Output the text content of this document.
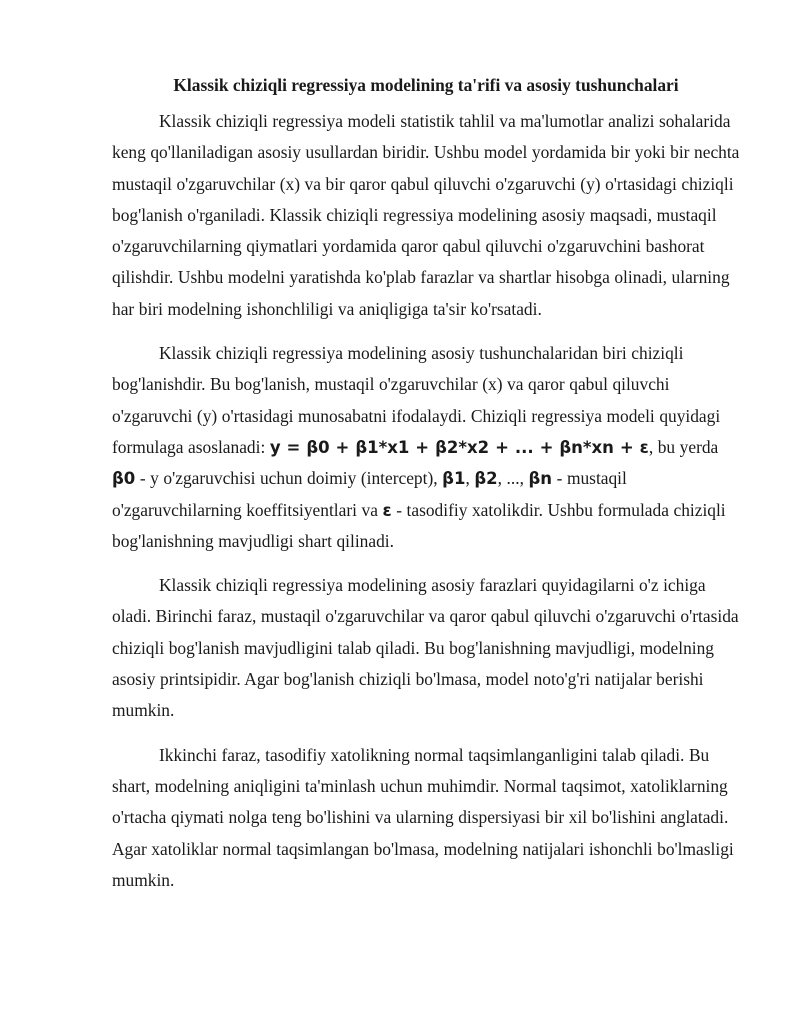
Klassik chiziqli regressiya modelining ta'rifi va asosiy tushunchalari

Klassik chiziqli regressiya modeli statistik tahlil va ma'lumotlar analizi sohalarida keng qo'llaniladigan asosiy usullardan biridir. Ushbu model yordamida bir yoki bir nechta mustaqil o'zgaruvchilar (x) va bir qaror qabul qiluvchi o'zgaruvchi (y) o'rtasidagi chiziqli bog'lanish o'rganiladi. Klassik chiziqli regressiya modelining asosiy maqsadi, mustaqil o'zgaruvchilarning qiymatlari yordamida qaror qabul qiluvchi o'zgaruvchini bashorat qilishdir. Ushbu modelni yaratishda ko'plab farazlar va shartlar hisobga olinadi, ularning har biri modelning ishonchliligi va aniqligiga ta'sir ko'rsatadi.

Klassik chiziqli regressiya modelining asosiy tushunchalaridan biri chiziqli bog'lanishdir. Bu bog'lanish, mustaqil o'zgaruvchilar (x) va qaror qabul qiluvchi o'zgaruvchi (y) o'rtasidagi munosabatni ifodalaydi. Chiziqli regressiya modeli quyidagi formulaga asoslanadi: y = β0 + β1*x1 + β2*x2 + ... + βn*xn + ε, bu yerda β0 - y o'zgaruvchisi uchun doimiy (intercept), β1, β2, ..., βn - mustaqil o'zgaruvchilarning koeffitsiyentlari va ε - tasodifiy xatolikdir. Ushbu formulada chiziqli bog'lanishning mavjudligi shart qilinadi.

Klassik chiziqli regressiya modelining asosiy farazlari quyidagilarni o'z ichiga oladi. Birinchi faraz, mustaqil o'zgaruvchilar va qaror qabul qiluvchi o'zgaruvchi o'rtasida chiziqli bog'lanish mavjudligini talab qiladi. Bu bog'lanishning mavjudligi, modelning asosiy printsipidir. Agar bog'lanish chiziqli bo'lmasa, model noto'g'ri natijalar berishi mumkin.

Ikkinchi faraz, tasodifiy xatolikning normal taqsimlanganligini talab qiladi. Bu shart, modelning aniqligini ta'minlash uchun muhimdir. Normal taqsimot, xatoliklarning o'rtacha qiymati nolga teng bo'lishini va ularning dispersiyasi bir xil bo'lishini anglatadi. Agar xatoliklar normal taqsimlangan bo'lmasa, modelning natijalari ishonchli bo'lmasligi mumkin.
